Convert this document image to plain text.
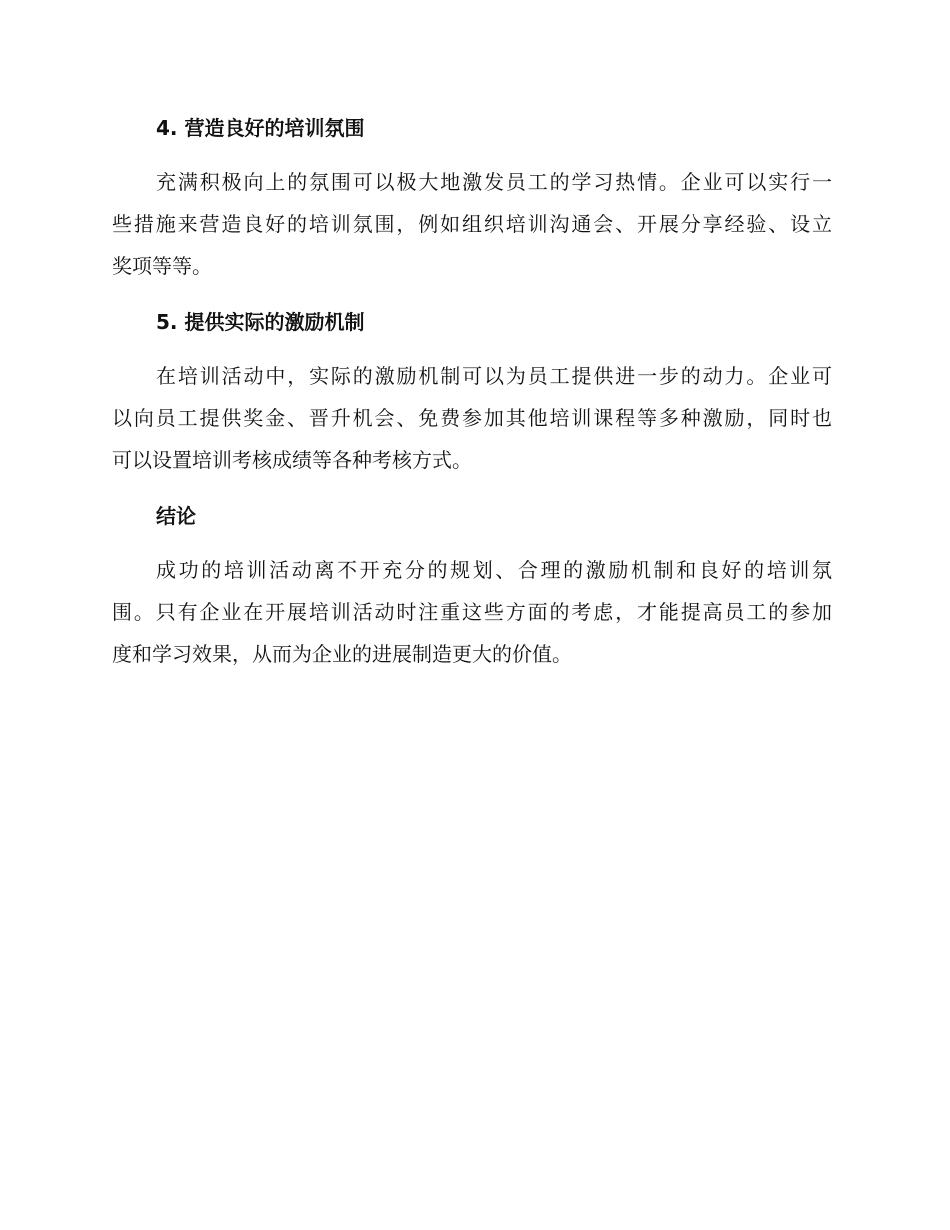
4. 营造良好的培训氛围
充满积极向上的氛围可以极大地激发员工的学习热情。企业可以实行一
些措施来营造良好的培训氛围，例如组织培训沟通会、开展分享经验、设立
奖项等等。
5. 提供实际的激励机制
在培训活动中，实际的激励机制可以为员工提供进一步的动力。企业可
以向员工提供奖金、晋升机会、免费参加其他培训课程等多种激励，同时也
可以设置培训考核成绩等各种考核方式。
结论
成功的培训活动离不开充分的规划、合理的激励机制和良好的培训氛
围。只有企业在开展培训活动时注重这些方面的考虑，才能提高员工的参加
度和学习效果，从而为企业的进展制造更大的价值。
